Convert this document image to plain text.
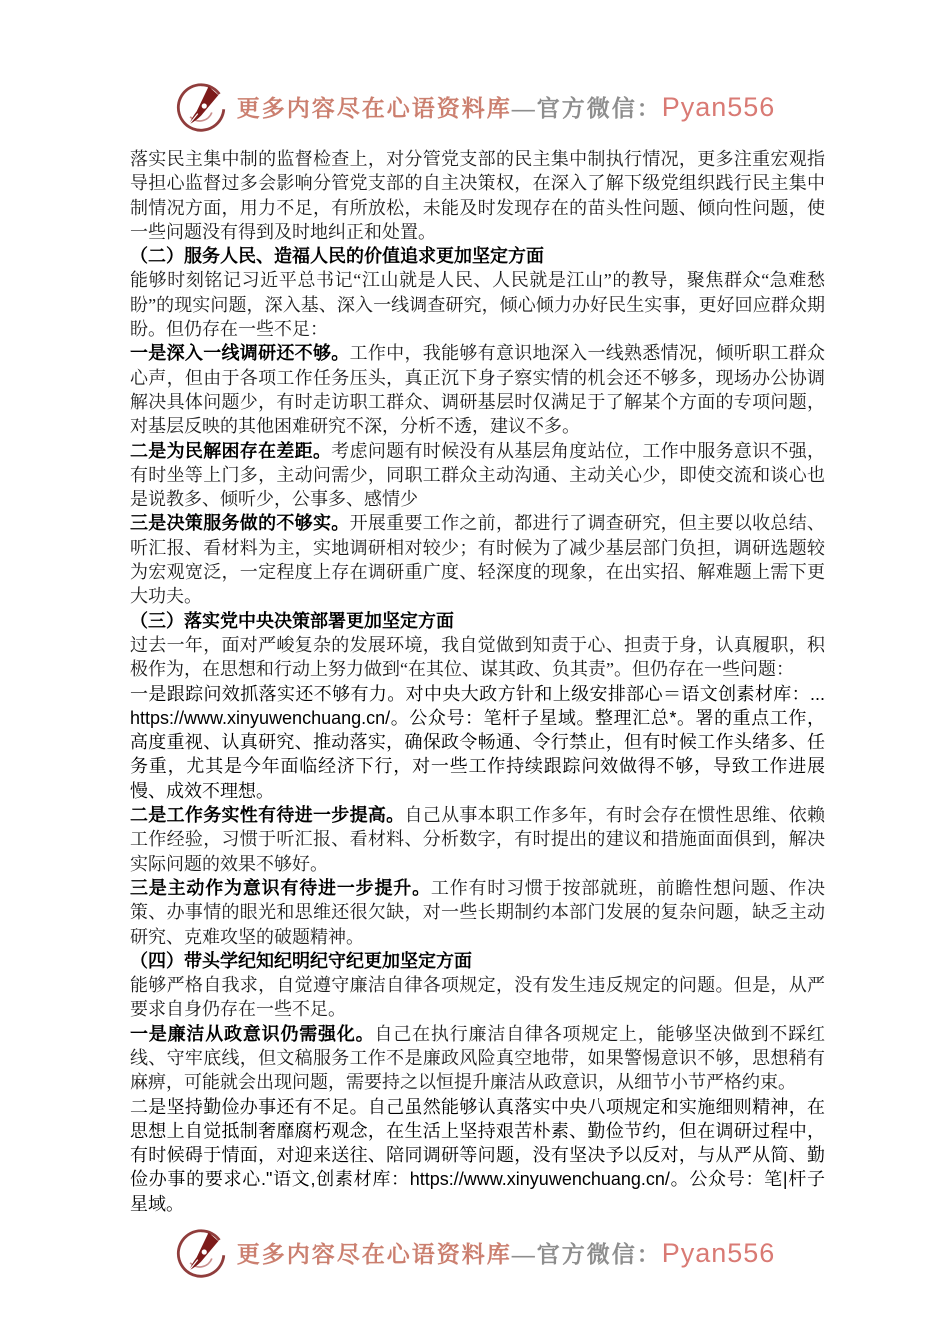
更多内容尽在心语资料库—官方微信：Pyan556

落实民主集中制的监督检查上，对分管党支部的民主集中制执行情况，更多注重宏观指导担心监督过多会影响分管党支部的自主决策权，在深入了解下级党组织践行民主集中制情况方面，用力不足，有所放松，未能及时发现存在的苗头性问题、倾向性问题，使一些问题没有得到及时地纠正和处置。

（二）服务人民、造福人民的价值追求更加坚定方面

能够时刻铭记习近平总书记“江山就是人民、人民就是江山”的教导，聚焦群众“急难愁盼”的现实问题，深入基、深入一线调查研究，倾心倾力办好民生实事，更好回应群众期盼。但仍存在一些不足：

一是深入一线调研还不够。工作中，我能够有意识地深入一线熟悉情况，倾听职工群众心声，但由于各项工作任务压头，真正沉下身子察实情的机会还不够多，现场办公协调解决具体问题少，有时走访职工群众、调研基层时仅满足于了解某个方面的专项问题，对基层反映的其他困难研究不深，分析不透，建议不多。

二是为民解困存在差距。考虑问题有时候没有从基层角度站位，工作中服务意识不强，有时坐等上门多，主动问需少，同职工群众主动沟通、主动关心少，即使交流和谈心也是说教多、倾听少，公事多、感情少

三是决策服务做的不够实。开展重要工作之前，都进行了调查研究，但主要以收总结、听汇报、看材料为主，实地调研相对较少；有时候为了减少基层部门负担，调研选题较为宏观宽泛，一定程度上存在调研重广度、轻深度的现象，在出实招、解难题上需下更大功夫。

（三）落实党中央决策部署更加坚定方面

过去一年，面对严峻复杂的发展环境，我自觉做到知责于心、担责于身，认真履职，积极作为，在思想和行动上努力做到“在其位、谋其政、负其责”。但仍存在一些问题：

一是跟踪问效抓落实还不够有力。对中央大政方针和上级安排部心＝语文创素材库：... https://www.xinyuwenchuang.cn/。公众号：笔杆子星域。整理汇总*。署的重点工作，高度重视、认真研究、推动落实，确保政令畅通、令行禁止，但有时候工作头绪多、任务重，尤其是今年面临经济下行，对一些工作持续跟踪问效做得不够，导致工作进展慢、成效不理想。

二是工作务实性有待进一步提高。自己从事本职工作多年，有时会存在惯性思维、依赖工作经验，习惯于听汇报、看材料、分析数字，有时提出的建议和措施面面俱到，解决实际问题的效果不够好。

三是主动作为意识有待进一步提升。工作有时习惯于按部就班，前瞻性想问题、作决策、办事情的眼光和思维还很欠缺，对一些长期制约本部门发展的复杂问题，缺乏主动研究、克难攻坚的破题精神。

（四）带头学纪知纪明纪守纪更加坚定方面

能够严格自我求，自觉遵守廉洁自律各项规定，没有发生违反规定的问题。但是，从严要求自身仍存在一些不足。

一是廉洁从政意识仍需强化。自己在执行廉洁自律各项规定上，能够坚决做到不踩红线、守牢底线，但文稿服务工作不是廉政风险真空地带，如果警惕意识不够，思想稍有麻痹，可能就会出现问题，需要持之以恒提升廉洁从政意识，从细节小节严格约束。

二是坚持勤俭办事还有不足。自己虽然能够认真落实中央八项规定和实施细则精神，在思想上自觉抵制奢靡腐朽观念，在生活上坚持艰苦朴素、勤俭节约，但在调研过程中，有时候碍于情面，对迎来送往、陪同调研等问题，没有坚决予以反对，与从严从简、勤俭办事的要求心."语文,创素材库：https://www.xinyuwenchuang.cn/。公众号：笔|杆子星域。

更多内容尽在心语资料库—官方微信：Pyan556
